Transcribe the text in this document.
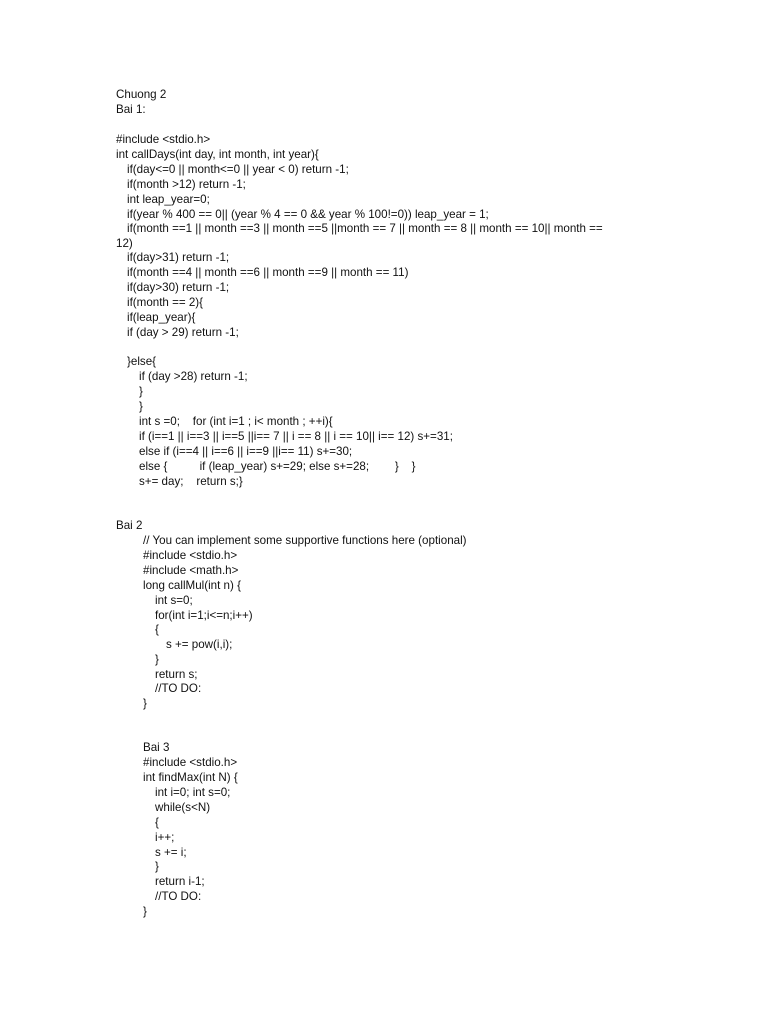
Chuong 2

Bai 1:

#include <stdio.h>

int callDays(int day, int month, int year){

if(day<=0 || month<=0 || year < 0) return -1;

if(month >12) return -1;

int leap_year=0;

if(year % 400 == 0|| (year % 4 == 0 && year % 100!=0)) leap_year = 1;

if(month ==1 || month ==3 || month ==5 ||month == 7 || month == 8 || month == 10|| month ==

12)

if(day>31) return -1;

if(month ==4 || month ==6 || month ==9 || month == 11)

if(day>30) return -1;

if(month == 2){

if(leap_year){

if (day > 29) return -1;

}else{

if (day >28) return -1;

}

}

int s =0;    for (int i=1 ; i< month ; ++i){

if (i==1 || i==3 || i==5 ||i== 7 || i == 8 || i == 10|| i== 12) s+=31;

else if (i==4 || i==6 || i==9 ||i== 11) s+=30;

else {          if (leap_year) s+=29; else s+=28;        }    }

s+= day;    return s;}

Bai 2

// You can implement some supportive functions here (optional)

#include <stdio.h>

#include <math.h>

long callMul(int n) {

int s=0;

for(int i=1;i<=n;i++)

{

s += pow(i,i);

}

return s;

//TO DO:

}

Bai 3

#include <stdio.h>

int findMax(int N) {

int i=0; int s=0;

while(s<N)

{

i++;

s += i;

}

return i-1;

//TO DO:

}
